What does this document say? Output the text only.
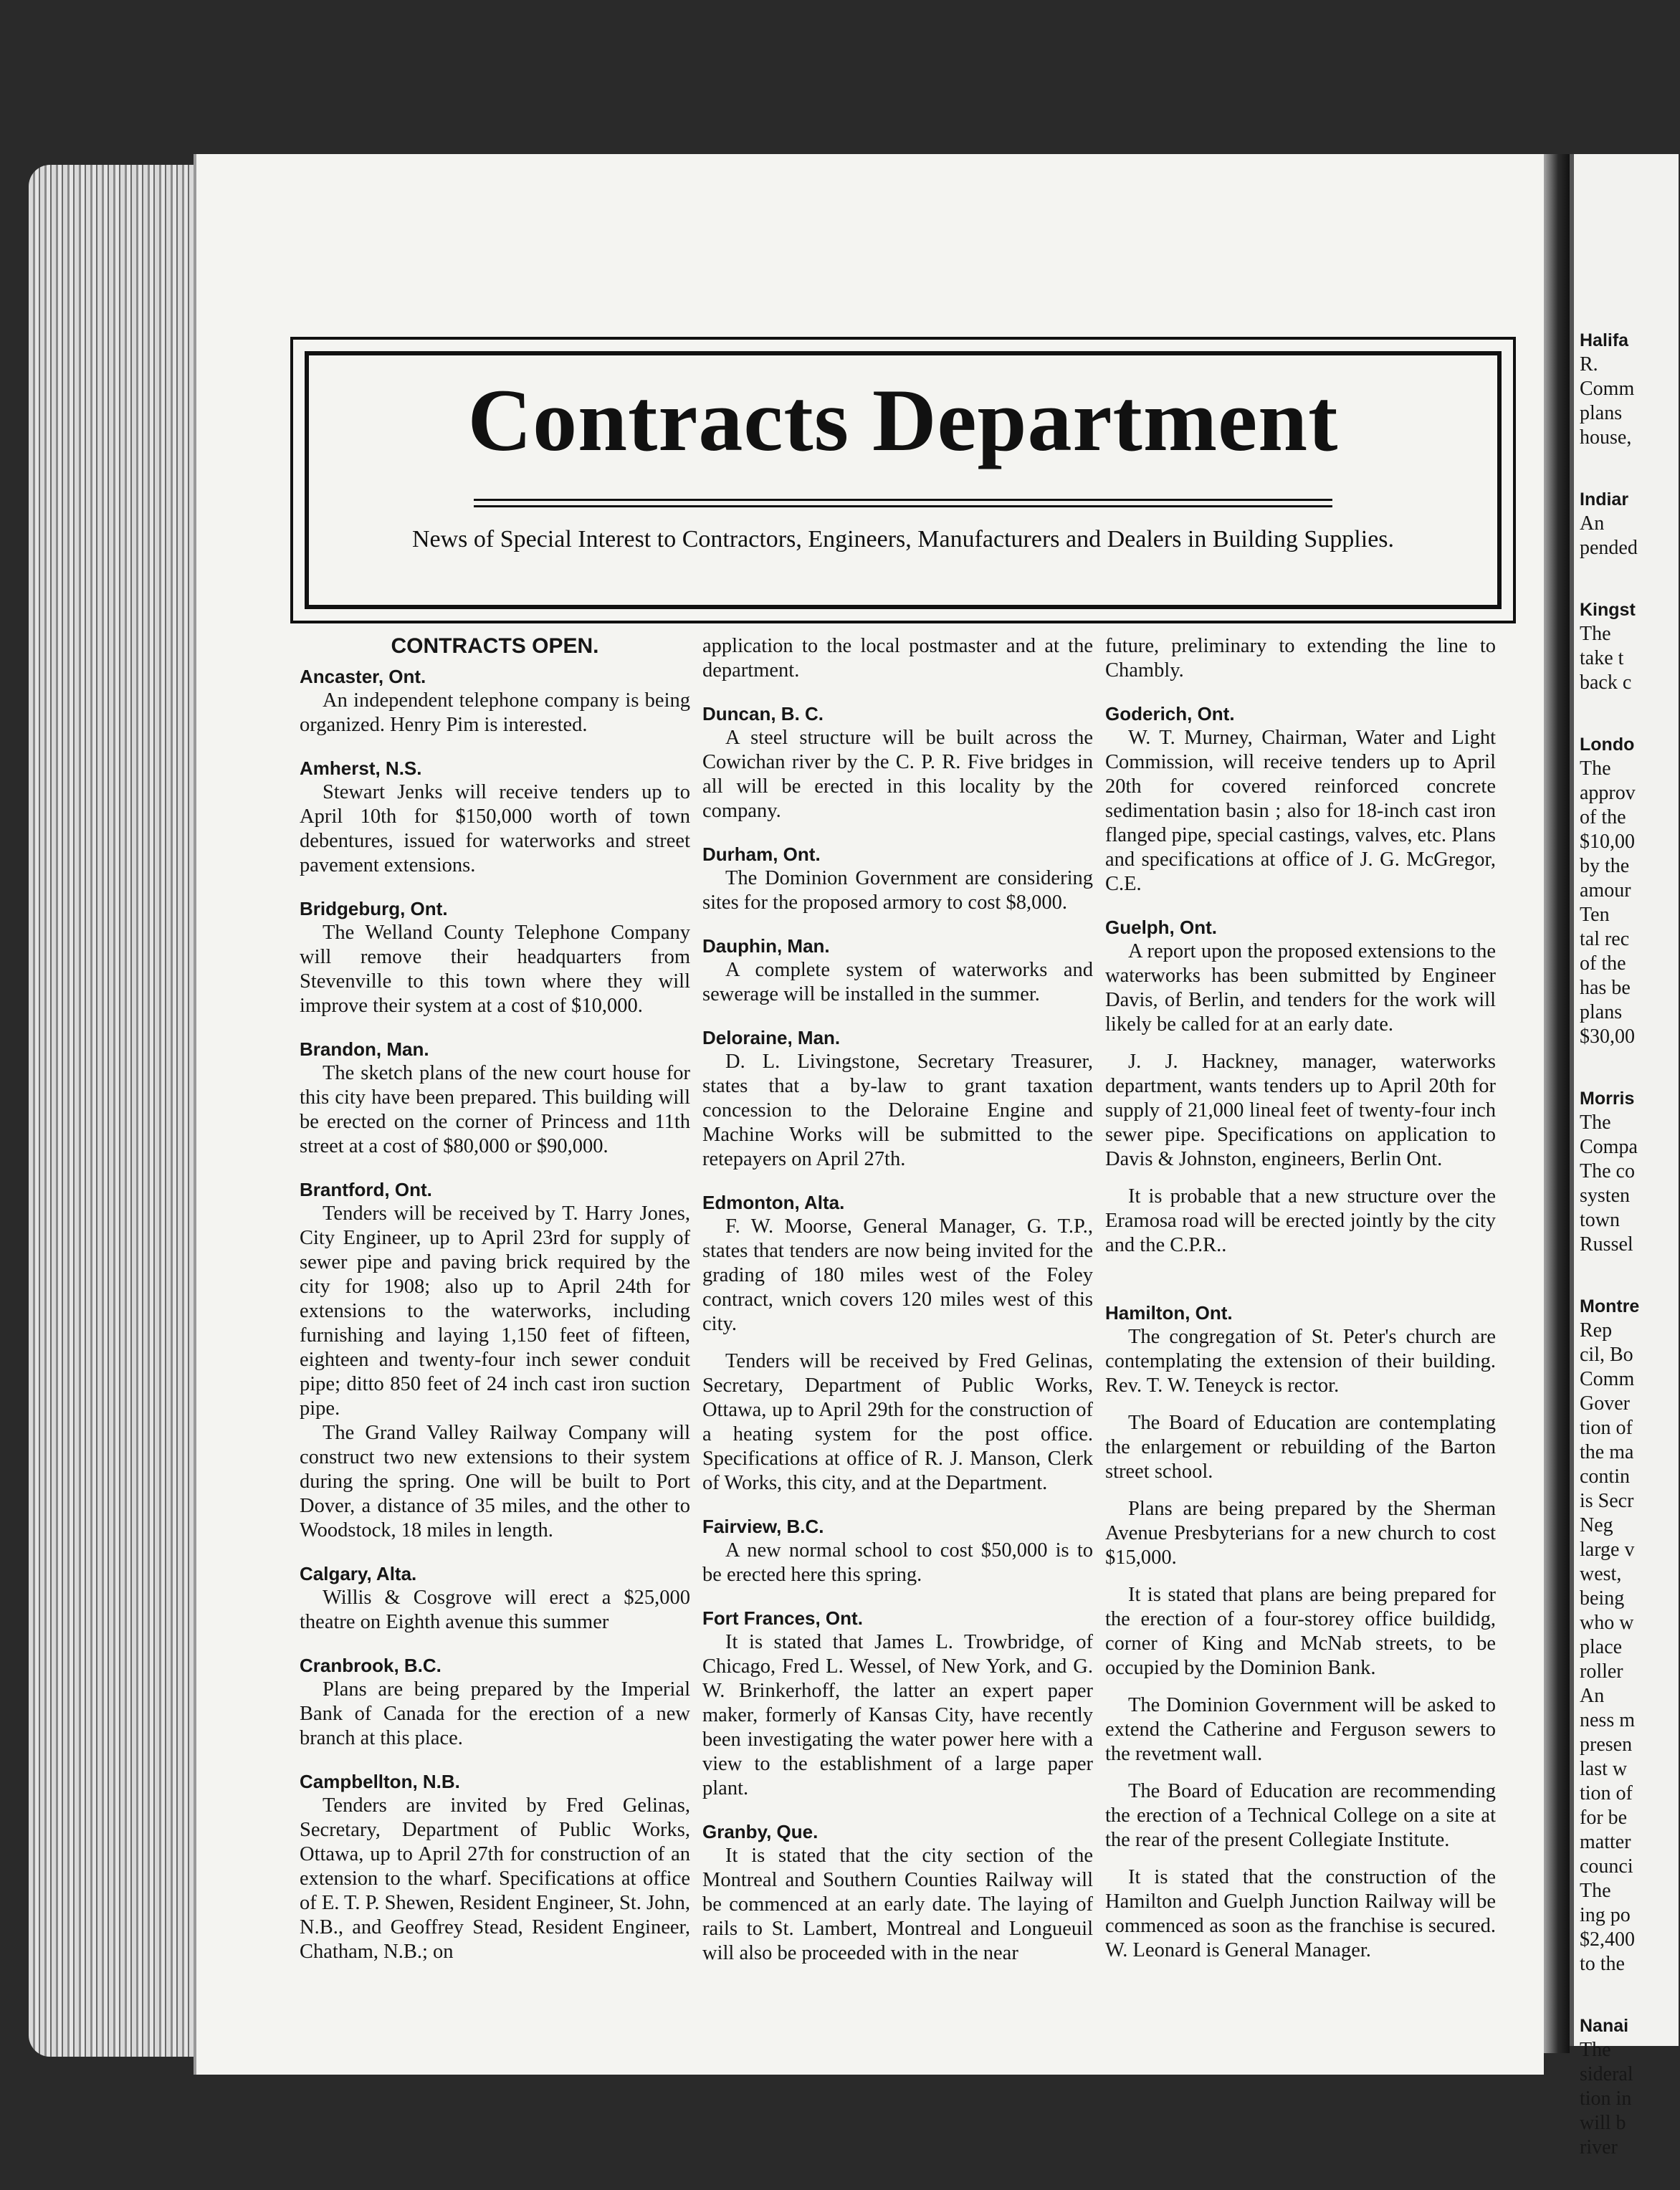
Contracts Department
News of Special Interest to Contractors, Engineers, Manufacturers and Dealers in Building Supplies.
CONTRACTS OPEN.

Ancaster, Ont.

An independent telephone company is being organized. Henry Pim is interested.

Amherst, N.S.

Stewart Jenks will receive tenders up to April 10th for $150,000 worth of town debentures, issued for waterworks and street pavement extensions.

Bridgeburg, Ont.

The Welland County Telephone Company will remove their headquarters from Stevenville to this town where they will improve their system at a cost of $10,000.

Brandon, Man.

The sketch plans of the new court house for this city have been prepared. This building will be erected on the corner of Princess and 11th street at a cost of $80,000 or $90,000.

Brantford, Ont.

Tenders will be received by T. Harry Jones, City Engineer, up to April 23rd for supply of sewer pipe and paving brick required by the city for 1908; also up to April 24th for extensions to the waterworks, including furnishing and laying 1,150 feet of fifteen, eighteen and twenty-four inch sewer conduit pipe; ditto 850 feet of 24 inch cast iron suction pipe.

The Grand Valley Railway Company will construct two new extensions to their system during the spring. One will be built to Port Dover, a distance of 35 miles, and the other to Woodstock, 18 miles in length.

Calgary, Alta.

Willis & Cosgrove will erect a $25,000 theatre on Eighth avenue this summer

Cranbrook, B.C.

Plans are being prepared by the Imperial Bank of Canada for the erection of a new branch at this place.

Campbellton, N.B.

Tenders are invited by Fred Gelinas, Secretary, Department of Public Works, Ottawa, up to April 27th for construction of an extension to the wharf. Specifications at office of E. T. P. Shewen, Resident Engineer, St. John, N.B., and Geoffrey Stead, Resident Engineer, Chatham, N.B.; on

application to the local postmaster and at the department.

Duncan, B. C.

A steel structure will be built across the Cowichan river by the C. P. R. Five bridges in all will be erected in this locality by the company.

Durham, Ont.

The Dominion Government are considering sites for the proposed armory to cost $8,000.

Dauphin, Man.

A complete system of waterworks and sewerage will be installed in the summer.

Deloraine, Man.

D. L. Livingstone, Secretary Treasurer, states that a by-law to grant taxation concession to the Deloraine Engine and Machine Works will be submitted to the retepayers on April 27th.

Edmonton, Alta.

F. W. Moorse, General Manager, G. T.P., states that tenders are now being invited for the grading of 180 miles west of the Foley contract, wnich covers 120 miles west of this city.

Tenders will be received by Fred Gelinas, Secretary, Department of Public Works, Ottawa, up to April 29th for the construction of a heating system for the post office. Specifications at office of R. J. Manson, Clerk of Works, this city, and at the Department.

Fairview, B.C.

A new normal school to cost $50,000 is to be erected here this spring.

Fort Frances, Ont.

It is stated that James L. Trowbridge, of Chicago, Fred L. Wessel, of New York, and G. W. Brinkerhoff, the latter an expert paper maker, formerly of Kansas City, have recently been investigating the water power here with a view to the establishment of a large paper plant.

Granby, Que.

It is stated that the city section of the Montreal and Southern Counties Railway will be commenced at an early date. The laying of rails to St. Lambert, Montreal and Longueuil will also be proceeded with in the near

future, preliminary to extending the line to Chambly.

Goderich, Ont.

W. T. Murney, Chairman, Water and Light Commission, will receive tenders up to April 20th for covered reinforced concrete sedimentation basin ; also for 18-inch cast iron flanged pipe, special castings, valves, etc. Plans and specifications at office of J. G. McGregor, C.E.

Guelph, Ont.

A report upon the proposed extensions to the waterworks has been submitted by Engineer Davis, of Berlin, and tenders for the work will likely be called for at an early date.

J. J. Hackney, manager, waterworks department, wants tenders up to April 20th for supply of 21,000 lineal feet of twenty-four inch sewer pipe. Specifications on application to Davis & Johnston, engineers, Berlin Ont.

It is probable that a new structure over the Eramosa road will be erected jointly by the city and the C.P.R..

Hamilton, Ont.

The congregation of St. Peter's church are contemplating the extension of their building. Rev. T. W. Teneyck is rector.

The Board of Education are contemplating the enlargement or rebuilding of the Barton street school.

Plans are being prepared by the Sherman Avenue Presbyterians for a new church to cost $15,000.

It is stated that plans are being prepared for the erection of a four-storey office buildidg, corner of King and McNab streets, to be occupied by the Dominion Bank.

The Dominion Government will be asked to extend the Catherine and Ferguson sewers to the revetment wall.

The Board of Education are recommending the erection of a Technical College on a site at the rear of the present Collegiate Institute.

It is stated that the construction of the Hamilton and Guelph Junction Railway will be commenced as soon as the franchise is secured. W. Leonard is General Manager.

Halifa
R.
Comm
plans
house,
Indiar
An
pended
Kingst
The
take t
back c
Londo
The
approv
of the
$10,00
by the
amour
Ten
tal rec
of the
has be
plans
$30,00
Morris
The
Compa
The co
systen
town
Russel
Montre
Rep
cil, Bo
Comm
Gover
tion of
the ma
contin
is Secr
Neg
large v
west,
being
who w
place
roller
An
ness m
presen
last w
tion of
for be
matter
counci
The
ing po
$2,400
to the
Nanai
The
sideral
tion in
will b
river
